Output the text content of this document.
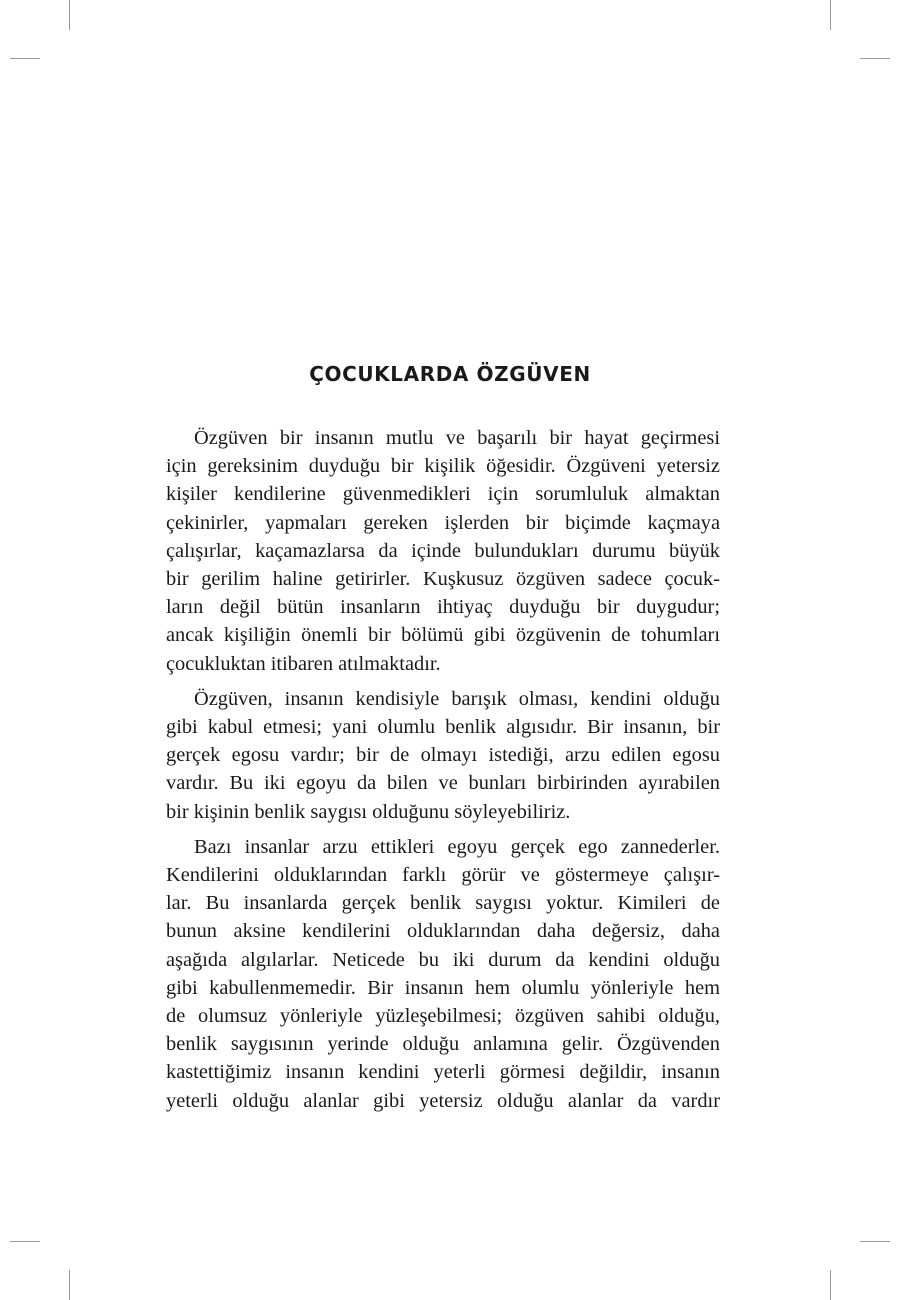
ÇOCUKLARDA ÖZGÜVEN

Özgüven bir insanın mutlu ve başarılı bir hayat geçirmesi
için gereksinim duyduğu bir kişilik öğesidir. Özgüveni yetersiz
kişiler kendilerine güvenmedikleri için sorumluluk almaktan
çekinirler, yapmaları gereken işlerden bir biçimde kaçmaya
çalışırlar, kaçamazlarsa da içinde bulundukları durumu büyük
bir gerilim haline getirirler. Kuşkusuz özgüven sadece çocuk-
ların değil bütün insanların ihtiyaç duyduğu bir duygudur;
ancak kişiliğin önemli bir bölümü gibi özgüvenin de tohumları
çocukluktan itibaren atılmaktadır.

Özgüven, insanın kendisiyle barışık olması, kendini olduğu
gibi kabul etmesi; yani olumlu benlik algısıdır. Bir insanın, bir
gerçek egosu vardır; bir de olmayı istediği, arzu edilen egosu
vardır. Bu iki egoyu da bilen ve bunları birbirinden ayırabilen
bir kişinin benlik saygısı olduğunu söyleyebiliriz.

Bazı insanlar arzu ettikleri egoyu gerçek ego zannederler.
Kendilerini olduklarından farklı görür ve göstermeye çalışır-
lar. Bu insanlarda gerçek benlik saygısı yoktur. Kimileri de
bunun aksine kendilerini olduklarından daha değersiz, daha
aşağıda algılarlar. Neticede bu iki durum da kendini olduğu
gibi kabullenmemedir. Bir insanın hem olumlu yönleriyle hem
de olumsuz yönleriyle yüzleşebilmesi; özgüven sahibi olduğu,
benlik saygısının yerinde olduğu anlamına gelir. Özgüvenden
kastettiğimiz insanın kendini yeterli görmesi değildir, insanın
yeterli olduğu alanlar gibi yetersiz olduğu alanlar da vardır
